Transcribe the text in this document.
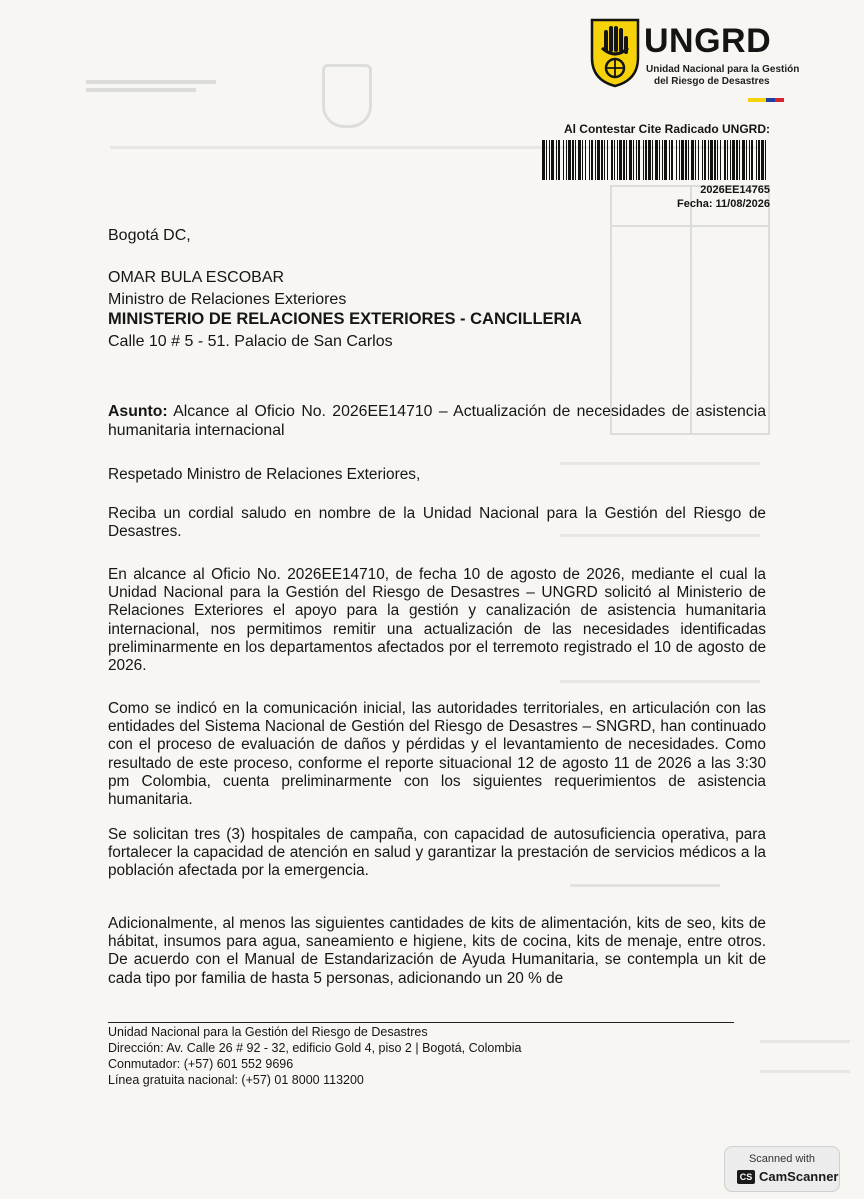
UNGRD
Unidad Nacional para la Gestión
del Riesgo de Desastres
Al Contestar Cite Radicado UNGRD:
2026EE14765
Fecha: 11/08/2026
Bogotá DC,
OMAR BULA ESCOBAR
Ministro de Relaciones Exteriores
MINISTERIO DE RELACIONES EXTERIORES - CANCILLERIA
Calle 10 # 5 - 51. Palacio de San Carlos
Asunto: Alcance al Oficio No. 2026EE14710 – Actualización de necesidades de asistencia humanitaria internacional
Respetado Ministro de Relaciones Exteriores,
Reciba un cordial saludo en nombre de la Unidad Nacional para la Gestión del Riesgo de Desastres.
En alcance al Oficio No. 2026EE14710, de fecha 10 de agosto de 2026, mediante el cual la Unidad Nacional para la Gestión del Riesgo de Desastres – UNGRD solicitó al Ministerio de Relaciones Exteriores el apoyo para la gestión y canalización de asistencia humanitaria internacional, nos permitimos remitir una actualización de las necesidades identificadas preliminarmente en los departamentos afectados por el terremoto registrado el 10 de agosto de 2026.
Como se indicó en la comunicación inicial, las autoridades territoriales, en articulación con las entidades del Sistema Nacional de Gestión del Riesgo de Desastres – SNGRD, han continuado con el proceso de evaluación de daños y pérdidas y el levantamiento de necesidades. Como resultado de este proceso, conforme el reporte situacional 12 de agosto 11 de 2026 a las 3:30 pm Colombia, cuenta preliminarmente con los siguientes requerimientos de asistencia humanitaria.
Se solicitan tres (3) hospitales de campaña, con capacidad de autosuficiencia operativa, para fortalecer la capacidad de atención en salud y garantizar la prestación de servicios médicos a la población afectada por la emergencia.
Adicionalmente, al menos las siguientes cantidades de kits de alimentación, kits de seo, kits de hábitat, insumos para agua, saneamiento e higiene, kits de cocina, kits de menaje, entre otros. De acuerdo con el Manual de Estandarización de Ayuda Humanitaria, se contempla un kit de cada tipo por familia de hasta 5 personas, adicionando un 20 % de
Unidad Nacional para la Gestión del Riesgo de Desastres
Dirección: Av. Calle 26 # 92 - 32, edificio Gold 4, piso 2 | Bogotá, Colombia
Conmutador: (+57) 601 552 9696
Línea gratuita nacional: (+57) 01 8000 113200
Scanned with
CS CamScanner
